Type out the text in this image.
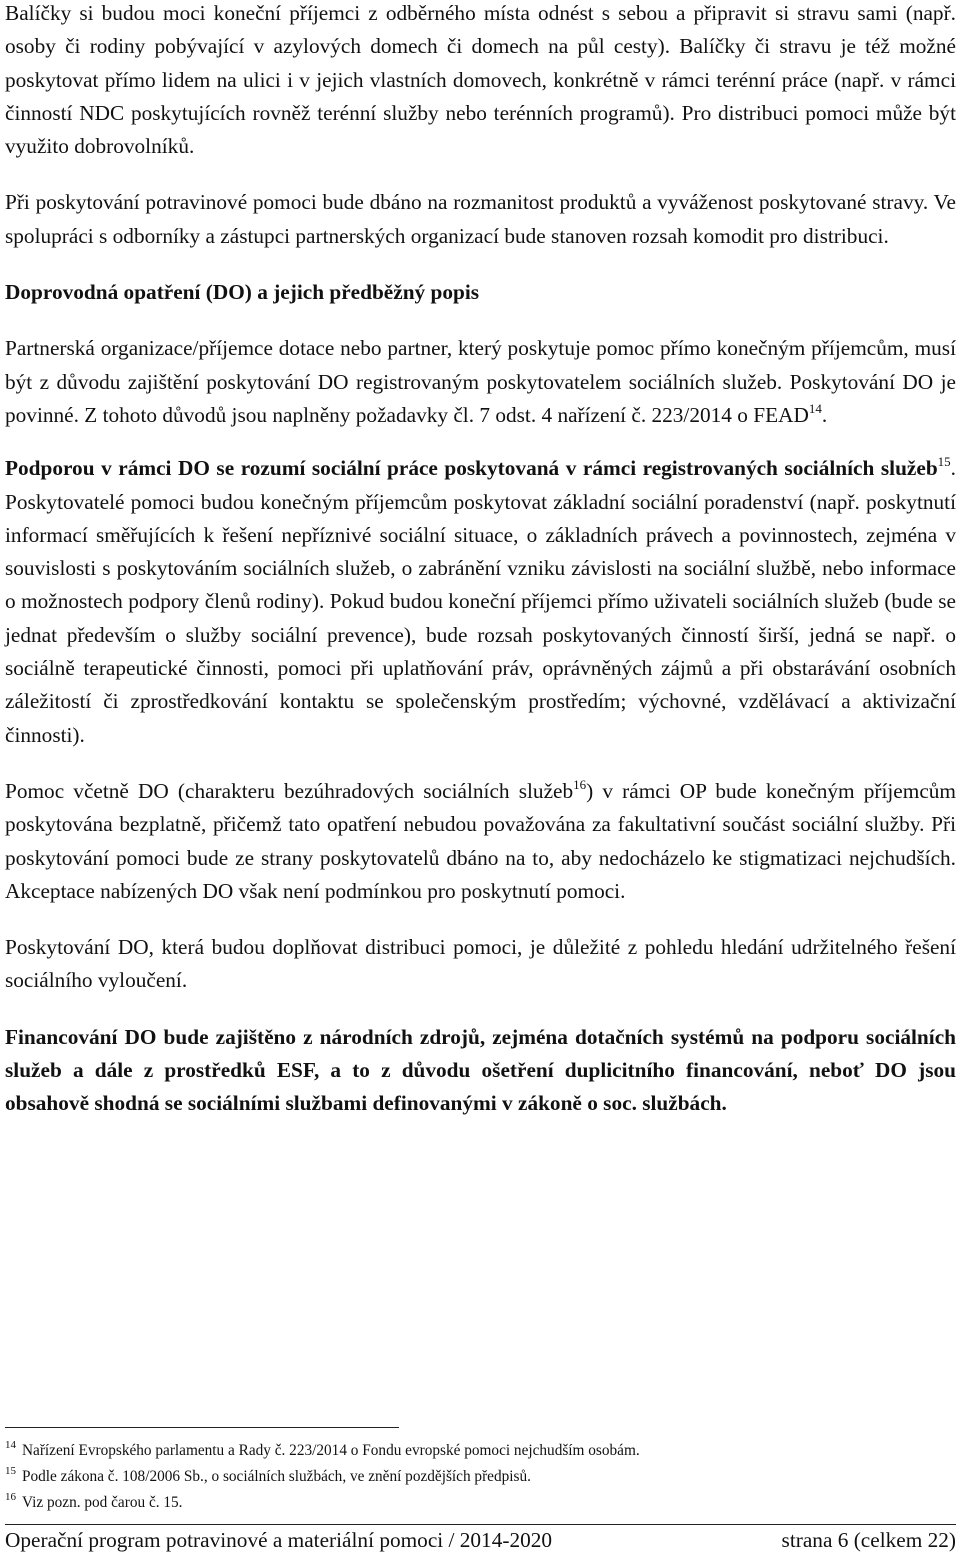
Balíčky si budou moci koneční příjemci z odběrného místa odnést s sebou a připravit si stravu sami (např. osoby či rodiny pobývající v azylových domech či domech na půl cesty). Balíčky či stravu je též možné poskytovat přímo lidem na ulici i v jejich vlastních domovech, konkrétně v rámci terénní práce (např. v rámci činností NDC poskytujících rovněž terénní služby nebo terénních programů). Pro distribuci pomoci může být využito dobrovolníků.

Při poskytování potravinové pomoci bude dbáno na rozmanitost produktů a vyváženost poskytované stravy. Ve spolupráci s odborníky a zástupci partnerských organizací bude stanoven rozsah komodit pro distribuci.

Doprovodná opatření (DO) a jejich předběžný popis

Partnerská organizace/příjemce dotace nebo partner, který poskytuje pomoc přímo konečným příjemcům, musí být z důvodu zajištění poskytování DO registrovaným poskytovatelem sociálních služeb. Poskytování DO je povinné. Z tohoto důvodů jsou naplněny požadavky čl. 7 odst. 4 nařízení č. 223/2014 o FEAD$^{14}$.

Podporou v rámci DO se rozumí sociální práce poskytovaná v rámci registrovaných sociálních služeb$^{15}$. Poskytovatelé pomoci budou konečným příjemcům poskytovat základní sociální poradenství (např. poskytnutí informací směřujících k řešení nepříznivé sociální situace, o základních právech a povinnostech, zejména v souvislosti s poskytováním sociálních služeb, o zabránění vzniku závislosti na sociální službě, nebo informace o možnostech podpory členů rodiny). Pokud budou koneční příjemci přímo uživateli sociálních služeb (bude se jednat především o služby sociální prevence), bude rozsah poskytovaných činností širší, jedná se např. o sociálně terapeutické činnosti, pomoci při uplatňování práv, oprávněných zájmů a při obstarávání osobních záležitostí či zprostředkování kontaktu se společenským prostředím; výchovné, vzdělávací a aktivizační činnosti).

Pomoc včetně DO (charakteru bezúhradových sociálních služeb$^{16}$) v rámci OP bude konečným příjemcům poskytována bezplatně, přičemž tato opatření nebudou považována za fakultativní součást sociální služby. Při poskytování pomoci bude ze strany poskytovatelů dbáno na to, aby nedocházelo ke stigmatizaci nejchudších. Akceptace nabízených DO však není podmínkou pro poskytnutí pomoci.

Poskytování DO, která budou doplňovat distribuci pomoci, je důležité z pohledu hledání udržitelného řešení sociálního vyloučení.

Financování DO bude zajištěno z národních zdrojů, zejména dotačních systémů na podporu sociálních služeb a dále z prostředků ESF, a to z důvodu ošetření duplicitního financování, neboť DO jsou obsahově shodná se sociálními službami definovanými v zákoně o soc. službách.

$^{14}$ Nařízení Evropského parlamentu a Rady č. 223/2014 o Fondu evropské pomoci nejchudším osobám.
$^{15}$ Podle zákona č. 108/2006 Sb., o sociálních službách, ve znění pozdějších předpisů.
$^{16}$ Viz pozn. pod čarou č. 15.
Operační program potravinové a materiální pomoci / 2014-2020	strana 6 (celkem 22)
